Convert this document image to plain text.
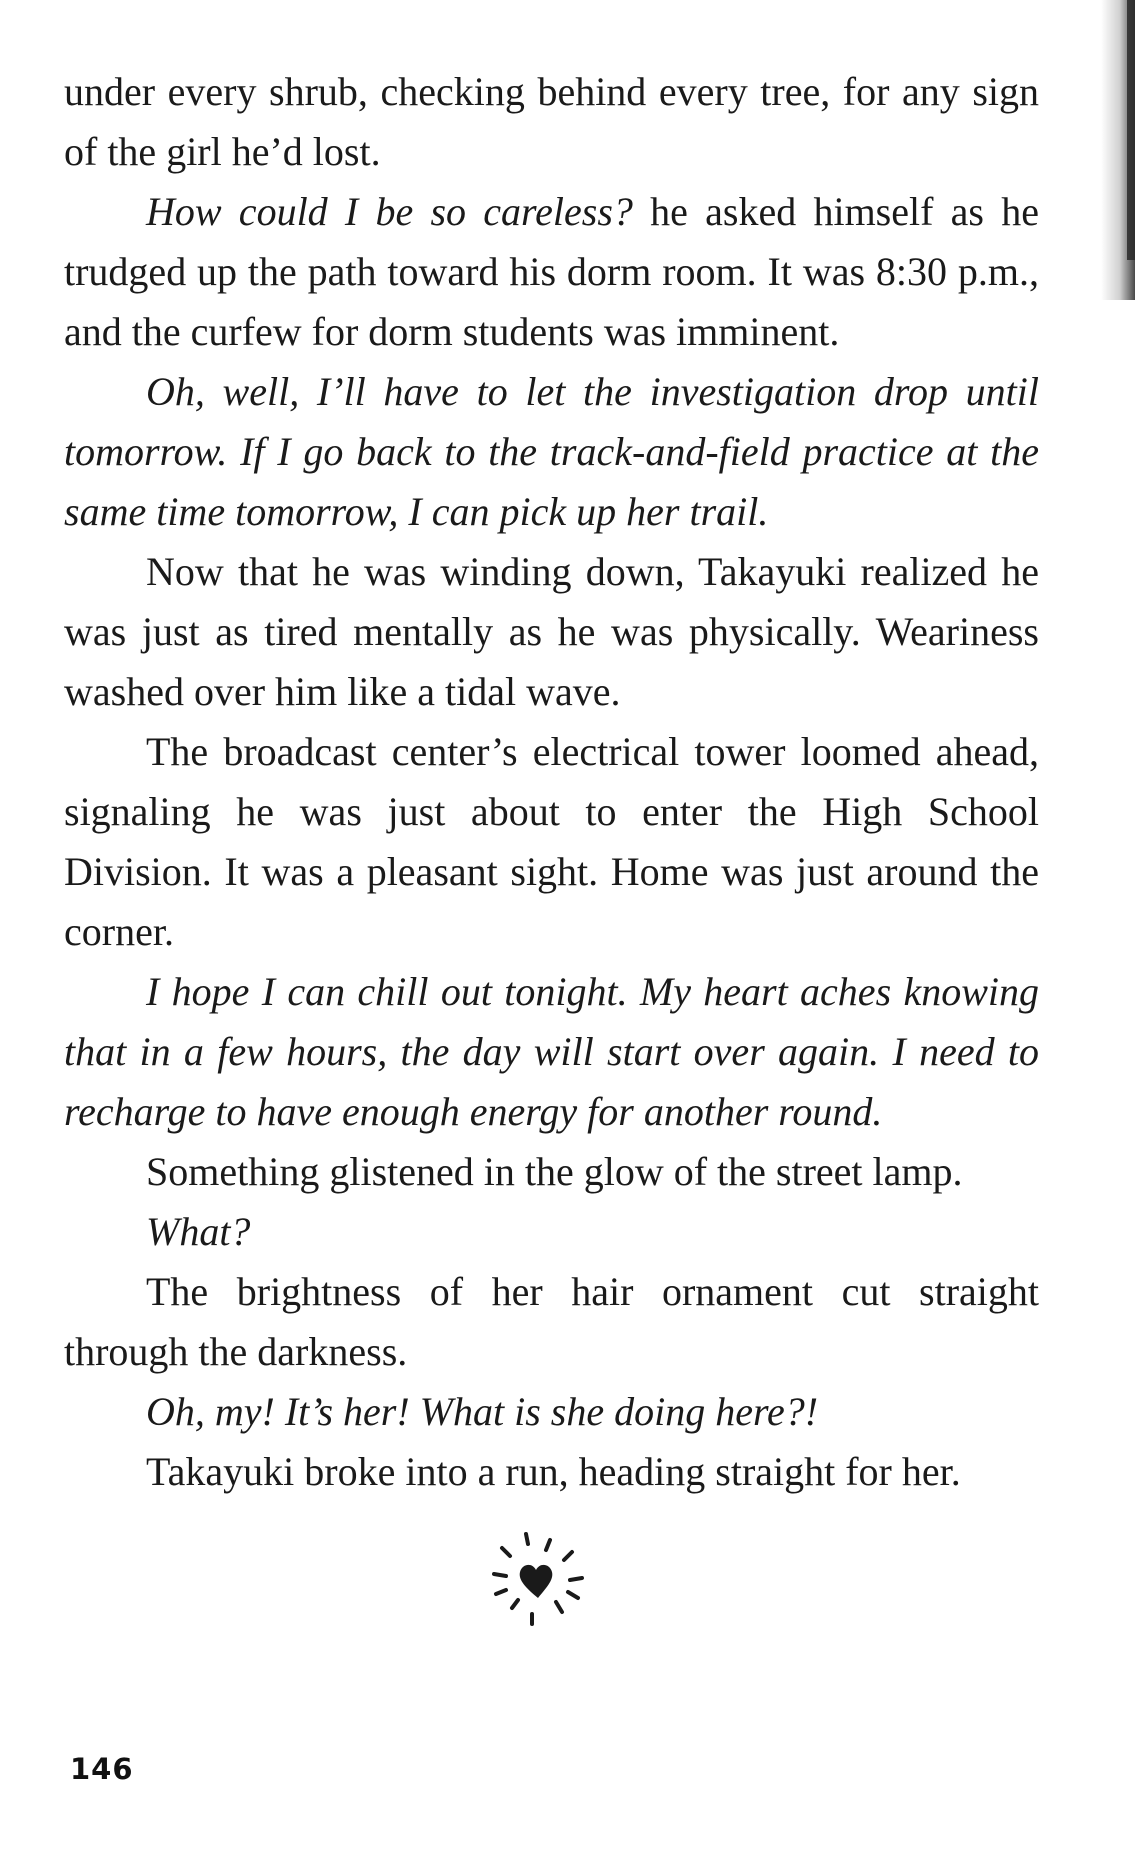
under every shrub, checking behind every tree, for any sign of the girl he’d lost.

How could I be so careless? he asked himself as he trudged up the path toward his dorm room. It was 8:30 p.m., and the curfew for dorm students was imminent.

Oh, well, I’ll have to let the investigation drop until tomorrow. If I go back to the track-and-field practice at the same time tomorrow, I can pick up her trail.

Now that he was winding down, Takayuki realized he was just as tired mentally as he was physically. Weariness washed over him like a tidal wave.

The broadcast center’s electrical tower loomed ahead, signaling he was just about to enter the High School Division. It was a pleasant sight. Home was just around the corner.

I hope I can chill out tonight. My heart aches knowing that in a few hours, the day will start over again. I need to recharge to have enough energy for another round.

Something glistened in the glow of the street lamp.

What?

The brightness of her hair ornament cut straight through the darkness.

Oh, my! It’s her! What is she doing here?!

Takayuki broke into a run, heading straight for her.

146
